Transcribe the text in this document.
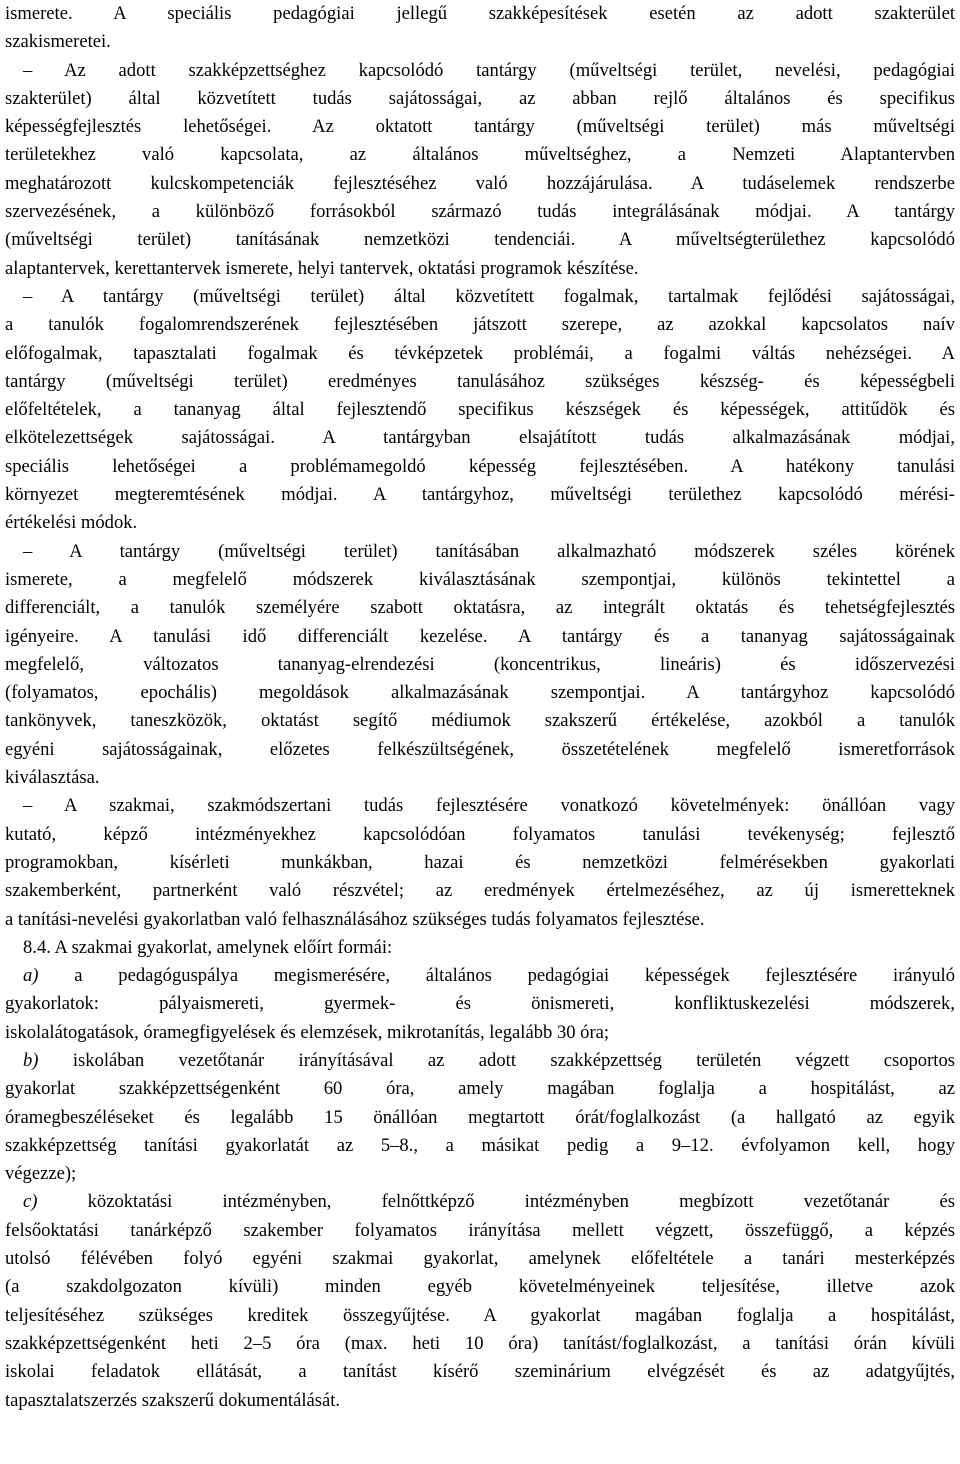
ismerete. A speciális pedagógiai jellegű szakképesítések esetén az adott szakterület
szakismeretei.
– Az adott szakképzettséghez kapcsolódó tantárgy (műveltségi terület, nevelési, pedagógiai
szakterület) által közvetített tudás sajátosságai, az abban rejlő általános és specifikus
képességfejlesztés lehetőségei. Az oktatott tantárgy (műveltségi terület) más műveltségi
területekhez való kapcsolata, az általános műveltséghez, a Nemzeti Alaptantervben
meghatározott kulcskompetenciák fejlesztéséhez való hozzájárulása. A tudáselemek rendszerbe
szervezésének, a különböző forrásokból származó tudás integrálásának módjai. A tantárgy
(műveltségi terület) tanításának nemzetközi tendenciái. A műveltségterülethez kapcsolódó
alaptantervek, kerettantervek ismerete, helyi tantervek, oktatási programok készítése.
– A tantárgy (műveltségi terület) által közvetített fogalmak, tartalmak fejlődési sajátosságai,
a tanulók fogalomrendszerének fejlesztésében játszott szerepe, az azokkal kapcsolatos naív
előfogalmak, tapasztalati fogalmak és tévképzetek problémái, a fogalmi váltás nehézségei. A
tantárgy (műveltségi terület) eredményes tanulásához szükséges készség- és képességbeli
előfeltételek, a tananyag által fejlesztendő specifikus készségek és képességek, attitűdök és
elkötelezettségek sajátosságai. A tantárgyban elsajátított tudás alkalmazásának módjai,
speciális lehetőségei a problémamegoldó képesség fejlesztésében. A hatékony tanulási
környezet megteremtésének módjai. A tantárgyhoz, műveltségi területhez kapcsolódó mérési-
értékelési módok.
– A tantárgy (műveltségi terület) tanításában alkalmazható módszerek széles körének
ismerete, a megfelelő módszerek kiválasztásának szempontjai, különös tekintettel a
differenciált, a tanulók személyére szabott oktatásra, az integrált oktatás és tehetségfejlesztés
igényeire. A tanulási idő differenciált kezelése. A tantárgy és a tananyag sajátosságainak
megfelelő, változatos tananyag-elrendezési (koncentrikus, lineáris) és időszervezési
(folyamatos, epochális) megoldások alkalmazásának szempontjai. A tantárgyhoz kapcsolódó
tankönyvek, taneszközök, oktatást segítő médiumok szakszerű értékelése, azokból a tanulók
egyéni sajátosságainak, előzetes felkészültségének, összetételének megfelelő ismeretforrások
kiválasztása.
– A szakmai, szakmódszertani tudás fejlesztésére vonatkozó követelmények: önállóan vagy
kutató, képző intézményekhez kapcsolódóan folyamatos tanulási tevékenység; fejlesztő
programokban, kísérleti munkákban, hazai és nemzetközi felmérésekben gyakorlati
szakemberként, partnerként való részvétel; az eredmények értelmezéséhez, az új ismeretteknek
a tanítási-nevelési gyakorlatban való felhasználásához szükséges tudás folyamatos fejlesztése.
8.4. A szakmai gyakorlat, amelynek előírt formái:
a) a pedagóguspálya megismerésére, általános pedagógiai képességek fejlesztésére irányuló
gyakorlatok: pályaismereti, gyermek- és önismereti, konfliktuskezelési módszerek,
iskolalátogatások, óramegfigyelések és elemzések, mikrotanítás, legalább 30 óra;
b) iskolában vezetőtanár irányításával az adott szakképzettség területén végzett csoportos
gyakorlat szakképzettségenként 60 óra, amely magában foglalja a hospitálást, az
óramegbeszéléseket és legalább 15 önállóan megtartott órát/foglalkozást (a hallgató az egyik
szakképzettség tanítási gyakorlatát az 5–8., a másikat pedig a 9–12. évfolyamon kell, hogy
végezze);
c) közoktatási intézményben, felnőttképző intézményben megbízott vezetőtanár és
felsőoktatási tanárképző szakember folyamatos irányítása mellett végzett, összefüggő, a képzés
utolsó félévében folyó egyéni szakmai gyakorlat, amelynek előfeltétele a tanári mesterképzés
(a szakdolgozaton kívüli) minden egyéb követelményeinek teljesítése, illetve azok
teljesítéséhez szükséges kreditek összegyűjtése. A gyakorlat magában foglalja a hospitálást,
szakképzettségenként heti 2–5 óra (max. heti 10 óra) tanítást/foglalkozást, a tanítási órán kívüli
iskolai feladatok ellátását, a tanítást kísérő szeminárium elvégzését és az adatgyűjtés,
tapasztalatszerzés szakszerű dokumentálását.
